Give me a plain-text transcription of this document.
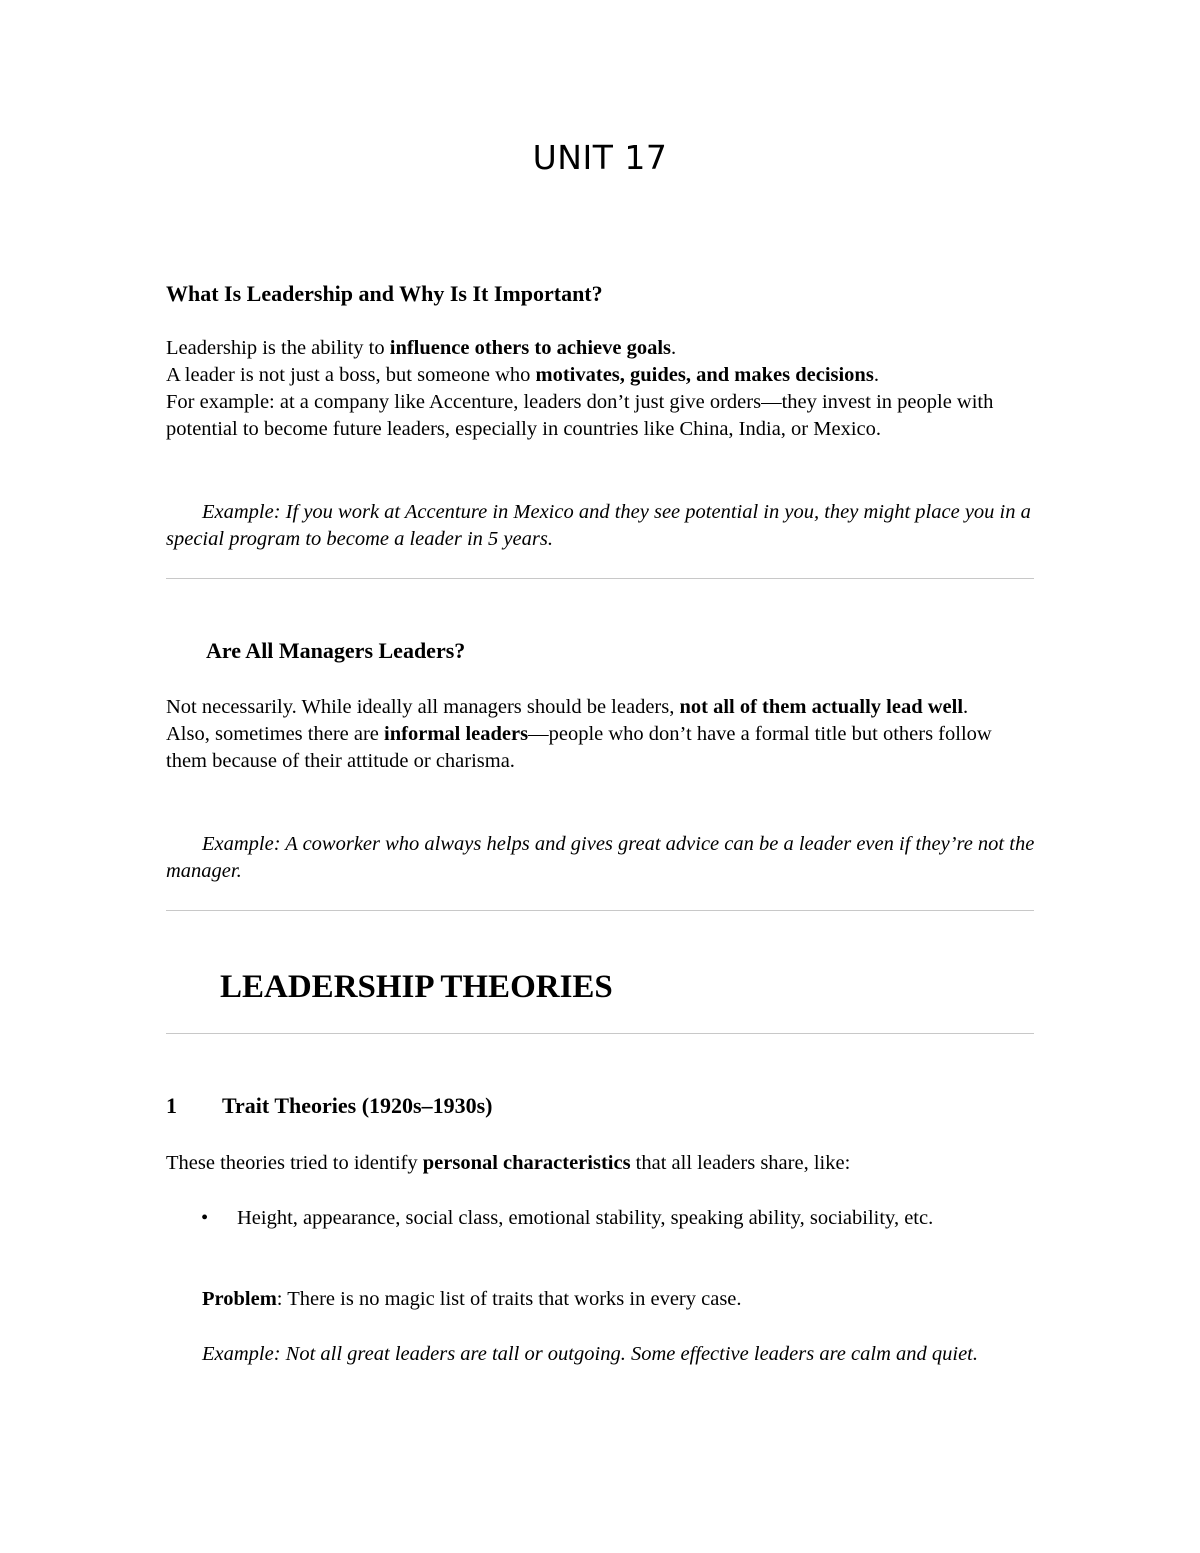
UNIT 17
What Is Leadership and Why Is It Important?

Leadership is the ability to influence others to achieve goals.

A leader is not just a boss, but someone who motivates, guides, and makes decisions.

For example: at a company like Accenture, leaders don’t just give orders—they invest in people with potential to become future leaders, especially in countries like China, India, or Mexico.

Example: If you work at Accenture in Mexico and they see potential in you, they might place you in a special program to become a leader in 5 years.

Are All Managers Leaders?

Not necessarily. While ideally all managers should be leaders, not all of them actually lead well.

Also, sometimes there are informal leaders—people who don’t have a formal title but others follow them because of their attitude or charisma.

Example: A coworker who always helps and gives great advice can be a leader even if they’re not the manager.

LEADERSHIP THEORIES
1 Trait Theories (1920s–1930s)

These theories tried to identify personal characteristics that all leaders share, like:

• Height, appearance, social class, emotional stability, speaking ability, sociability, etc.

Problem: There is no magic list of traits that works in every case.

Example: Not all great leaders are tall or outgoing. Some effective leaders are calm and quiet.
